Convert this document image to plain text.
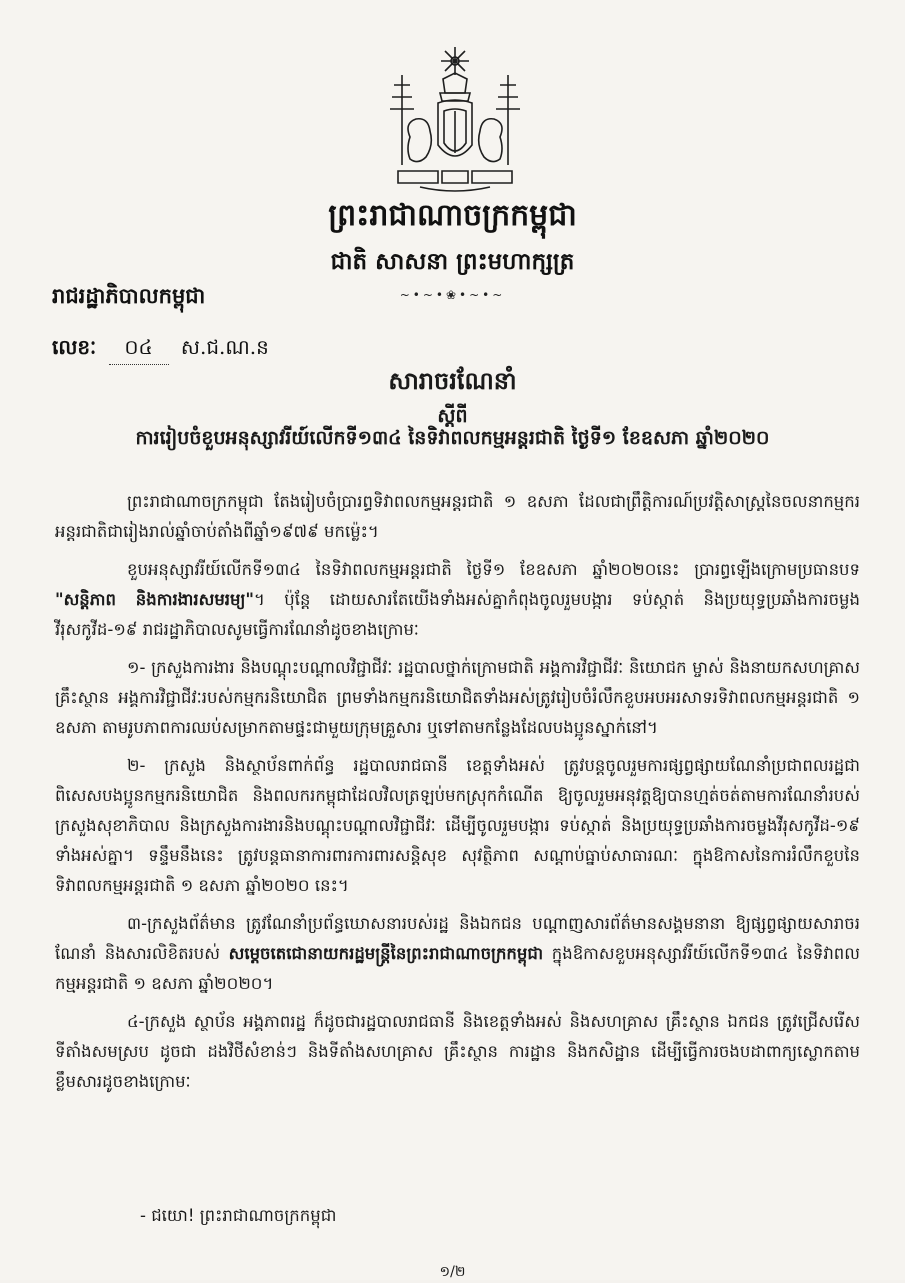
ព្រះរាជាណាចក្រកម្ពុជា
ជាតិ សាសនា ព្រះមហាក្សត្រ
~•~•❀•~•~
រាជរដ្ឋាភិបាលកម្ពុជា
លេខៈ ០៤ ស.ជ.ណ.ន
សារាចរណែនាំ
ស្តីពី
ការរៀបចំខួបអនុស្សាវរីយ៍លើកទី១៣៤ នៃទិវាពលកម្មអន្តរជាតិ ថ្ងៃទី១ ខែឧសភា ឆ្នាំ២០២០

ព្រះរាជាណាចក្រកម្ពុជា តែងរៀបចំប្រារព្ធទិវាពលកម្មអន្តរជាតិ ១ ឧសភា ដែលជាព្រឹត្តិការណ៍ប្រវត្តិសាស្ត្រនៃចលនាកម្មករអន្តរជាតិជារៀងរាល់ឆ្នាំចាប់តាំងពីឆ្នាំ១៩៧៩ មកម្ល៉េះ។

ខួបអនុស្សាវរីយ៍លើកទី១៣៤ នៃទិវាពលកម្មអន្តរជាតិ ថ្ងៃទី១ ខែឧសភា ឆ្នាំ២០២០នេះ ប្រារព្ធឡើងក្រោមប្រធានបទ "សន្តិភាព និងការងារសមរម្យ"។ ប៉ុន្តែ ដោយសារតែយើងទាំងអស់គ្នាកំពុងចូលរួមបង្ការ ទប់ស្កាត់ និងប្រយុទ្ធប្រឆាំងការចម្លងវីរុសកូវីដ-១៩ រាជរដ្ឋាភិបាលសូមធ្វើការណែនាំដូចខាងក្រោមៈ

១- ក្រសួងការងារ និងបណ្តុះបណ្តាលវិជ្ជាជីវៈ រដ្ឋបាលថ្នាក់ក្រោមជាតិ អង្គការវិជ្ជាជីវៈ និយោជក ម្ចាស់ និងនាយកសហគ្រាស គ្រឹះស្ថាន អង្គការវិជ្ជាជីវៈរបស់កម្មករនិយោជិត ព្រមទាំងកម្មករនិយោជិតទាំងអស់ត្រូវរៀបចំរំលឹកខួបអបអរសាទរទិវាពលកម្មអន្តរជាតិ ១ ឧសភា តាមរូបភាពការឈប់សម្រាកតាមផ្ទះជាមួយក្រុមគ្រួសារ ឬទៅតាមកន្លែងដែលបងប្អូនស្នាក់នៅ។

២- ក្រសួង និងស្ថាប័នពាក់ព័ន្ធ រដ្ឋបាលរាជធានី ខេត្តទាំងអស់ ត្រូវបន្តចូលរួមការផ្សព្វផ្សាយណែនាំប្រជាពលរដ្ឋជាពិសេសបងប្អូនកម្មករនិយោជិត និងពលករកម្ពុជាដែលវិលត្រឡប់មកស្រុកកំណើត ឱ្យចូលរួមអនុវត្តឱ្យបានហ្មត់ចត់តាមការណែនាំរបស់ក្រសួងសុខាភិបាល និងក្រសួងការងារនិងបណ្តុះបណ្តាលវិជ្ជាជីវៈ ដើម្បីចូលរួមបង្ការ ទប់ស្កាត់ និងប្រយុទ្ធប្រឆាំងការចម្លងវីរុសកូវីដ-១៩ ទាំងអស់គ្នា។ ទន្ទឹមនឹងនេះ ត្រូវបន្តធានាការពារការពារសន្តិសុខ សុវត្ថិភាព សណ្តាប់ធ្នាប់សាធារណៈ ក្នុងឱកាសនៃការរំលឹកខួបនៃទិវាពលកម្មអន្តរជាតិ ១ ឧសភា ឆ្នាំ២០២០ នេះ។

៣-ក្រសួងព័ត៌មាន ត្រូវណែនាំប្រព័ន្ធឃោសនារបស់រដ្ឋ និងឯកជន បណ្តាញសារព័ត៌មានសង្គមនានា ឱ្យផ្សព្វផ្សាយសារាចរណែនាំ និងសារលិខិតរបស់ សម្តេចតេជោនាយករដ្ឋមន្ត្រីនៃព្រះរាជាណាចក្រកម្ពុជា ក្នុងឱកាសខួបអនុស្សាវរីយ៍លើកទី១៣៤ នៃទិវាពលកម្មអន្តរជាតិ ១ ឧសភា ឆ្នាំ២០២០។

៤-ក្រសួង ស្ថាប័ន អង្គភាពរដ្ឋ ក៏ដូចជារដ្ឋបាលរាជធានី និងខេត្តទាំងអស់ និងសហគ្រាស គ្រឹះស្ថាន ឯកជន ត្រូវជ្រើសរើសទីតាំងសមស្រប ដូចជា ដងវិថីសំខាន់ៗ និងទីតាំងសហគ្រាស គ្រឹះស្ថាន ការដ្ឋាន និងកសិដ្ឋាន ដើម្បីធ្វើការចងបដាពាក្យស្លោកតាមខ្លឹមសារដូចខាងក្រោមៈ

- ជយោ! ព្រះរាជាណាចក្រកម្ពុជា
១/២
